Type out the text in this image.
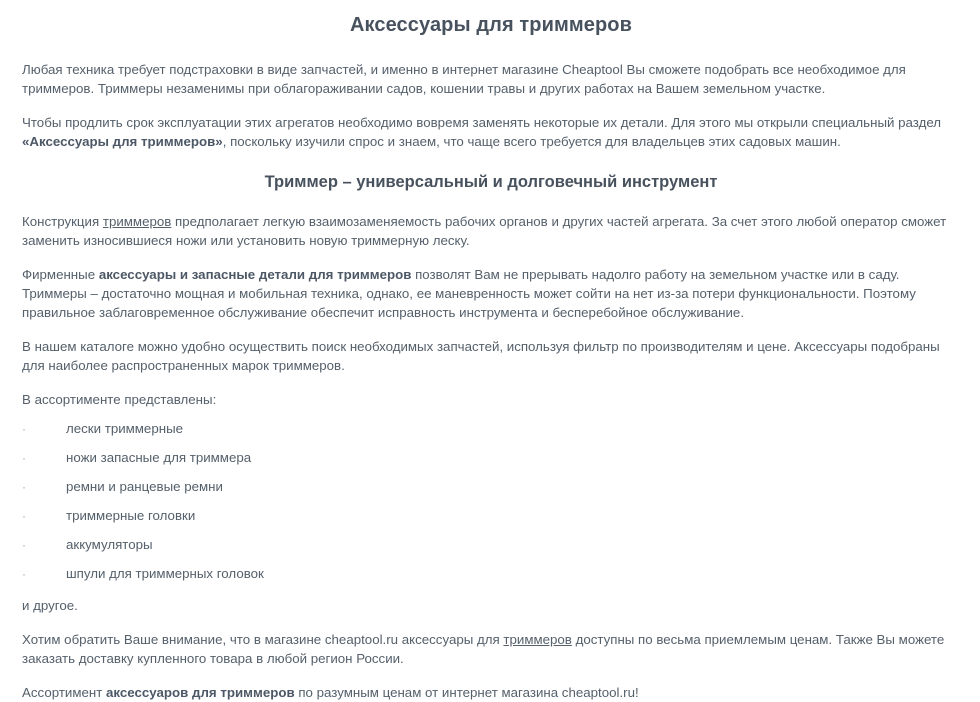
Аксессуары для триммеров

Любая техника требует подстраховки в виде запчастей, и именно в интернет магазине Cheaptool Вы сможете подобрать все необходимое для триммеров. Триммеры незаменимы при облагораживании садов, кошении травы и других работах на Вашем земельном участке.

Чтобы продлить срок эксплуатации этих агрегатов необходимо вовремя заменять некоторые их детали. Для этого мы открыли специальный раздел «Аксессуары для триммеров», поскольку изучили спрос и знаем, что чаще всего требуется для владельцев этих садовых машин.

Триммер – универсальный и долговечный инструмент

Конструкция триммеров предполагает легкую взаимозаменяемость рабочих органов и других частей агрегата. За счет этого любой оператор сможет заменить износившиеся ножи или установить новую триммерную леску.

Фирменные аксессуары и запасные детали для триммеров позволят Вам не прерывать надолго работу на земельном участке или в саду. Триммеры – достаточно мощная и мобильная техника, однако, ее маневренность может сойти на нет из-за потери функциональности. Поэтому правильное заблаговременное обслуживание обеспечит исправность инструмента и бесперебойное обслуживание.

В нашем каталоге можно удобно осуществить поиск необходимых запчастей, используя фильтр по производителям и цене. Аксессуары подобраны для наиболее распространенных марок триммеров.

В ассортименте представлены:

·	лески триммерные
·	ножи запасные для триммера
·	ремни и ранцевые ремни
·	триммерные головки
·	аккумуляторы
·	шпули для триммерных головок

и другое.

Хотим обратить Ваше внимание, что в магазине cheaptool.ru аксессуары для триммеров доступны по весьма приемлемым ценам. Также Вы можете заказать доставку купленного товара в любой регион России.

Ассортимент аксессуаров для триммеров по разумным ценам от интернет магазина cheaptool.ru!
